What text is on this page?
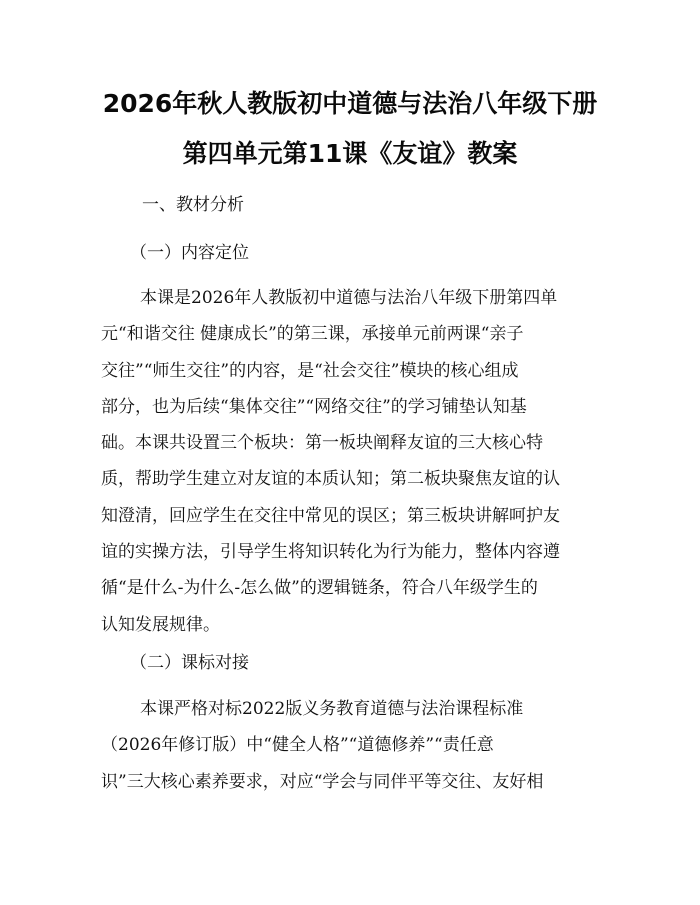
2026年秋人教版初中道德与法治八年级下册
第四单元第11课《友谊》教案
一、教材分析
（一）内容定位
本课是2026年人教版初中道德与法治八年级下册第四单
元“和谐交往 健康成长”的第三课，承接单元前两课“亲子
交往”“师生交往”的内容，是“社会交往”模块的核心组成
部分，也为后续“集体交往”“网络交往”的学习铺垫认知基
础。本课共设置三个板块：第一板块阐释友谊的三大核心特
质，帮助学生建立对友谊的本质认知；第二板块聚焦友谊的认
知澄清，回应学生在交往中常见的误区；第三板块讲解呵护友
谊的实操方法，引导学生将知识转化为行为能力，整体内容遵
循“是什么-为什么-怎么做”的逻辑链条，符合八年级学生的
认知发展规律。
（二）课标对接
本课严格对标2022版义务教育道德与法治课程标准
（2026年修订版）中“健全人格”“道德修养”“责任意
识”三大核心素养要求，对应“学会与同伴平等交往、友好相
